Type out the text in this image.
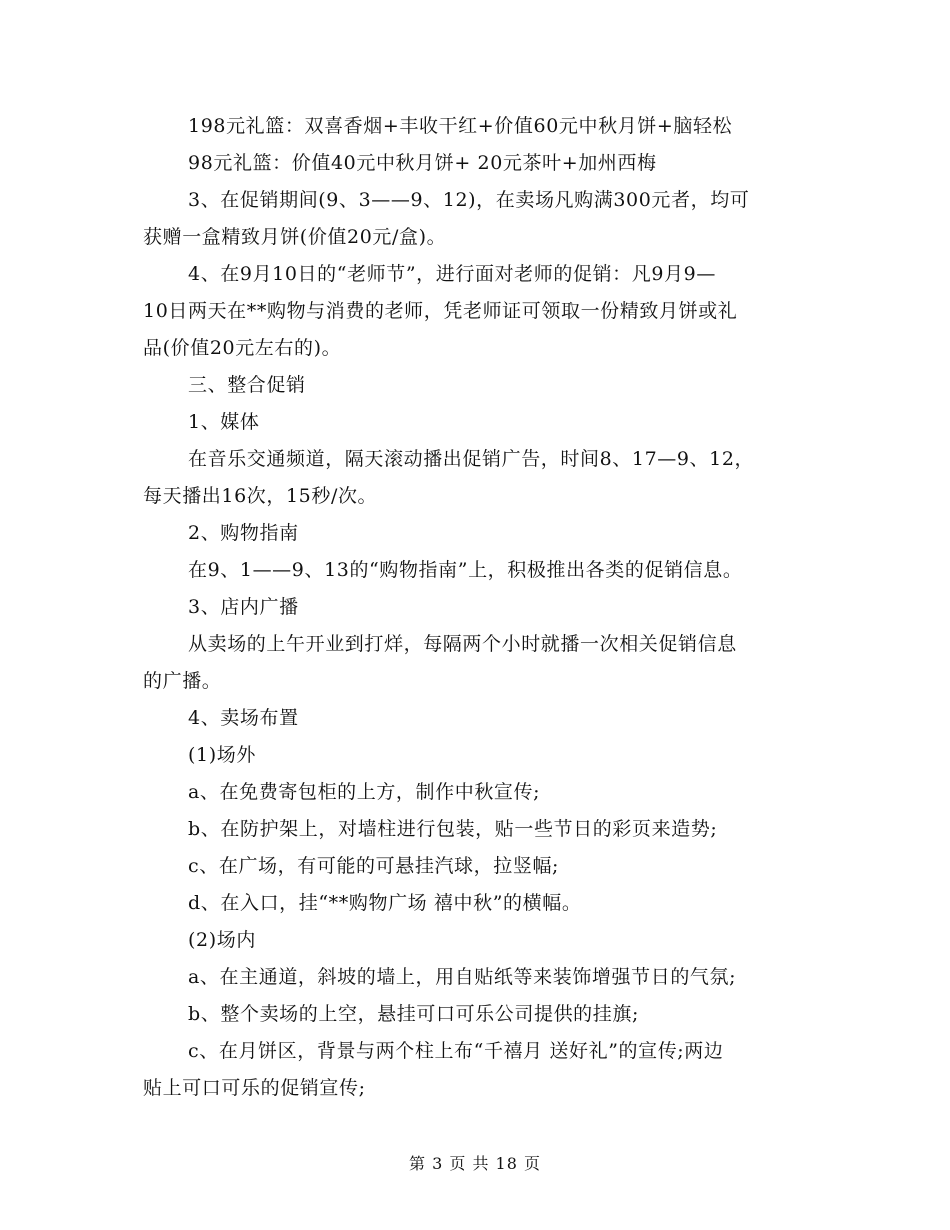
198元礼篮：双喜香烟+丰收干红+价值60元中秋月饼+脑轻松
98元礼篮：价值40元中秋月饼+ 20元茶叶+加州西梅
3、在促销期间(9、3——9、12)，在卖场凡购满300元者，均可
获赠一盒精致月饼(价值20元/盒)。
4、在9月10日的“老师节”，进行面对老师的促销：凡9月9—
10日两天在**购物与消费的老师，凭老师证可领取一份精致月饼或礼
品(价值20元左右的)。
三、整合促销
1、媒体
在音乐交通频道，隔天滚动播出促销广告，时间8、17—9、12，
每天播出16次，15秒/次。
2、购物指南
在9、1——9、13的“购物指南”上，积极推出各类的促销信息。
3、店内广播
从卖场的上午开业到打烊，每隔两个小时就播一次相关促销信息
的广播。
4、卖场布置
(1)场外
a、在免费寄包柜的上方，制作中秋宣传;
b、在防护架上，对墙柱进行包装，贴一些节日的彩页来造势;
c、在广场，有可能的可悬挂汽球，拉竖幅;
d、在入口，挂“**购物广场 禧中秋”的横幅。
(2)场内
a、在主通道，斜坡的墙上，用自贴纸等来装饰增强节日的气氛;
b、整个卖场的上空，悬挂可口可乐公司提供的挂旗;
c、在月饼区，背景与两个柱上布“千禧月 送好礼”的宣传;两边
贴上可口可乐的促销宣传;
第 3 页 共 18 页
